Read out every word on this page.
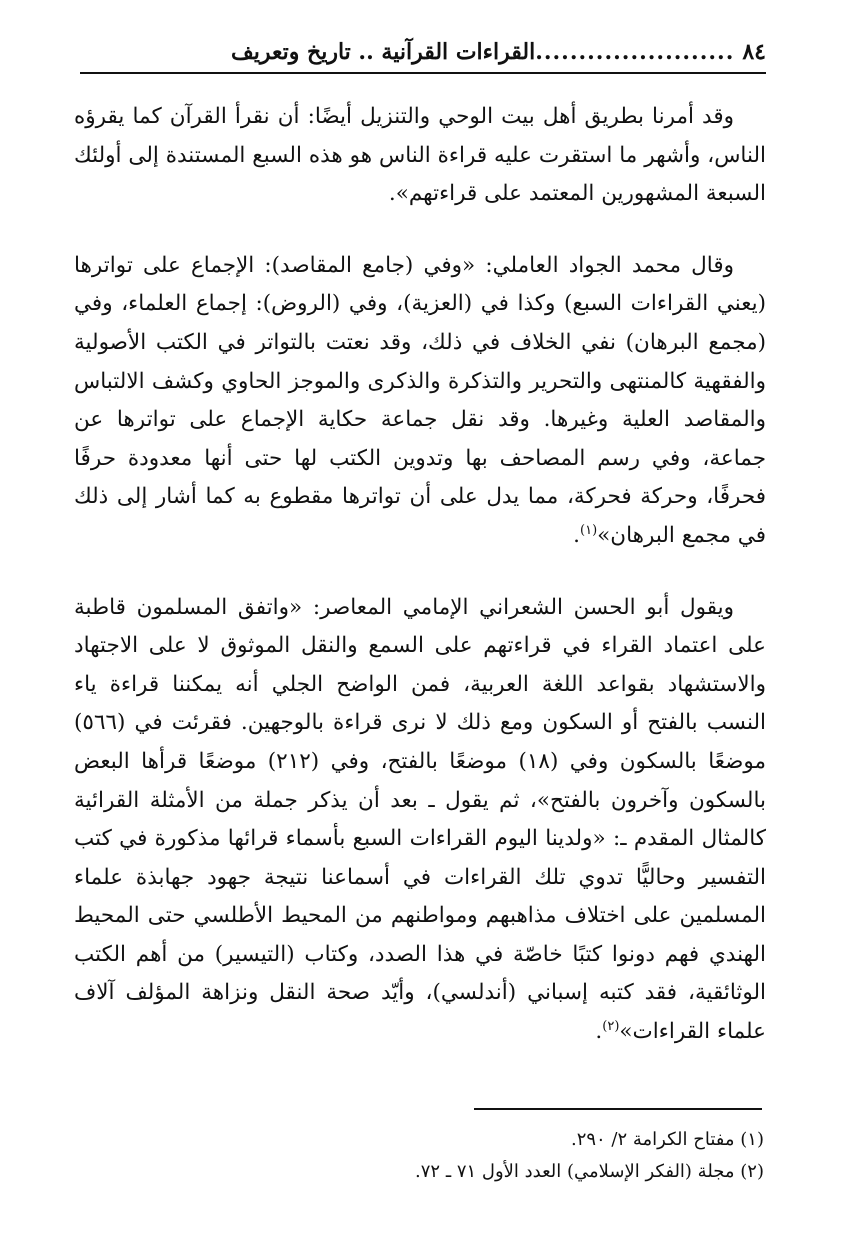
٨٤
.......................
القراءات القرآنية .. تاريخ وتعريف

وقد أمرنا بطريق أهل بيت الوحي والتنزيل أيضًا: أن نقرأ القرآن كما يقرؤه الناس، وأشهر ما استقرت عليه قراءة الناس هو هذه السبع المستندة إلى أولئك السبعة المشهورين المعتمد على قراءتهم».

وقال محمد الجواد العاملي: «وفي (جامع المقاصد): الإجماع على تواترها (يعني القراءات السبع) وكذا في (العزية)، وفي (الروض): إجماع العلماء، وفي (مجمع البرهان) نفي الخلاف في ذلك، وقد نعتت بالتواتر في الكتب الأصولية والفقهية كالمنتهى والتحرير والتذكرة والذكرى والموجز الحاوي وكشف الالتباس والمقاصد العلية وغيرها. وقد نقل جماعة حكاية الإجماع على تواترها عن جماعة، وفي رسم المصاحف بها وتدوين الكتب لها حتى أنها معدودة حرفًا فحرفًا، وحركة فحركة، مما يدل على أن تواترها مقطوع به كما أشار إلى ذلك في مجمع البرهان»$^{(١)}$.

ويقول أبو الحسن الشعراني الإمامي المعاصر: «واتفق المسلمون قاطبة على اعتماد القراء في قراءتهم على السمع والنقل الموثوق لا على الاجتهاد والاستشهاد بقواعد اللغة العربية، فمن الواضح الجلي أنه يمكننا قراءة ياء النسب بالفتح أو السكون ومع ذلك لا نرى قراءة بالوجهين. فقرئت في (٥٦٦) موضعًا بالسكون وفي (١٨) موضعًا بالفتح، وفي (٢١٢) موضعًا قرأها البعض بالسكون وآخرون بالفتح»، ثم يقول ـ بعد أن يذكر جملة من الأمثلة القرائية كالمثال المقدم ـ: «ولدينا اليوم القراءات السبع بأسماء قرائها مذكورة في كتب التفسير وحاليًّا تدوي تلك القراءات في أسماعنا نتيجة جهود جهابذة علماء المسلمين على اختلاف مذاهبهم ومواطنهم من المحيط الأطلسي حتى المحيط الهندي فهم دونوا كتبًا خاصّة في هذا الصدد، وكتاب (التيسير) من أهم الكتب الوثائقية، فقد كتبه إسباني (أندلسي)، وأيّد صحة النقل ونزاهة المؤلف آلاف علماء القراءات»$^{(٢)}$.

(١) مفتاح الكرامة ٢/ ٢٩٠.

(٢) مجلة (الفكر الإسلامي) العدد الأول ٧١ ـ ٧٢.
